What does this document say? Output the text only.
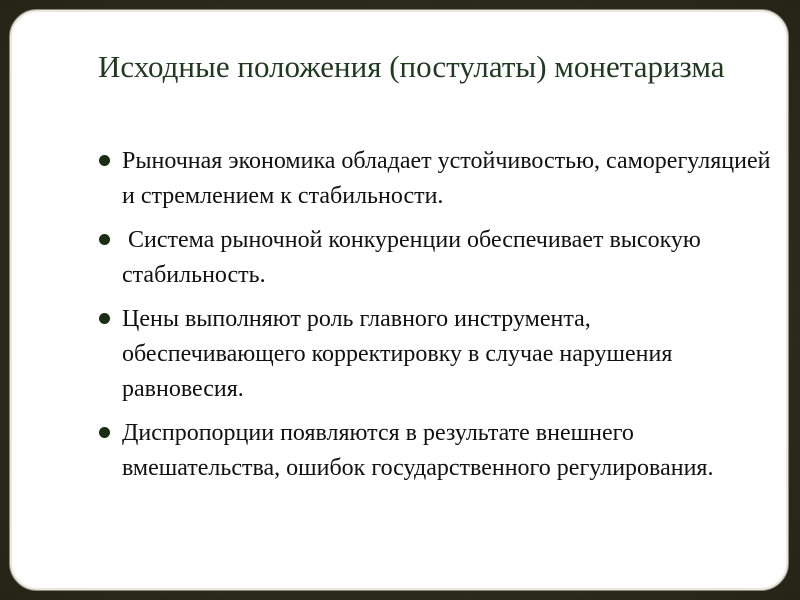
Исходные положения (постулаты) монетаризма
Рыночная экономика обладает устойчивостью, саморегуляцией и стремлением к стабильности.
Система рыночной конкуренции обеспечивает высокую стабильность.
Цены выполняют роль главного инструмента, обеспечивающего корректировку в случае нарушения равновесия.
Диспропорции появляются в результате внешнего вмешательства, ошибок государственного регулирования.
